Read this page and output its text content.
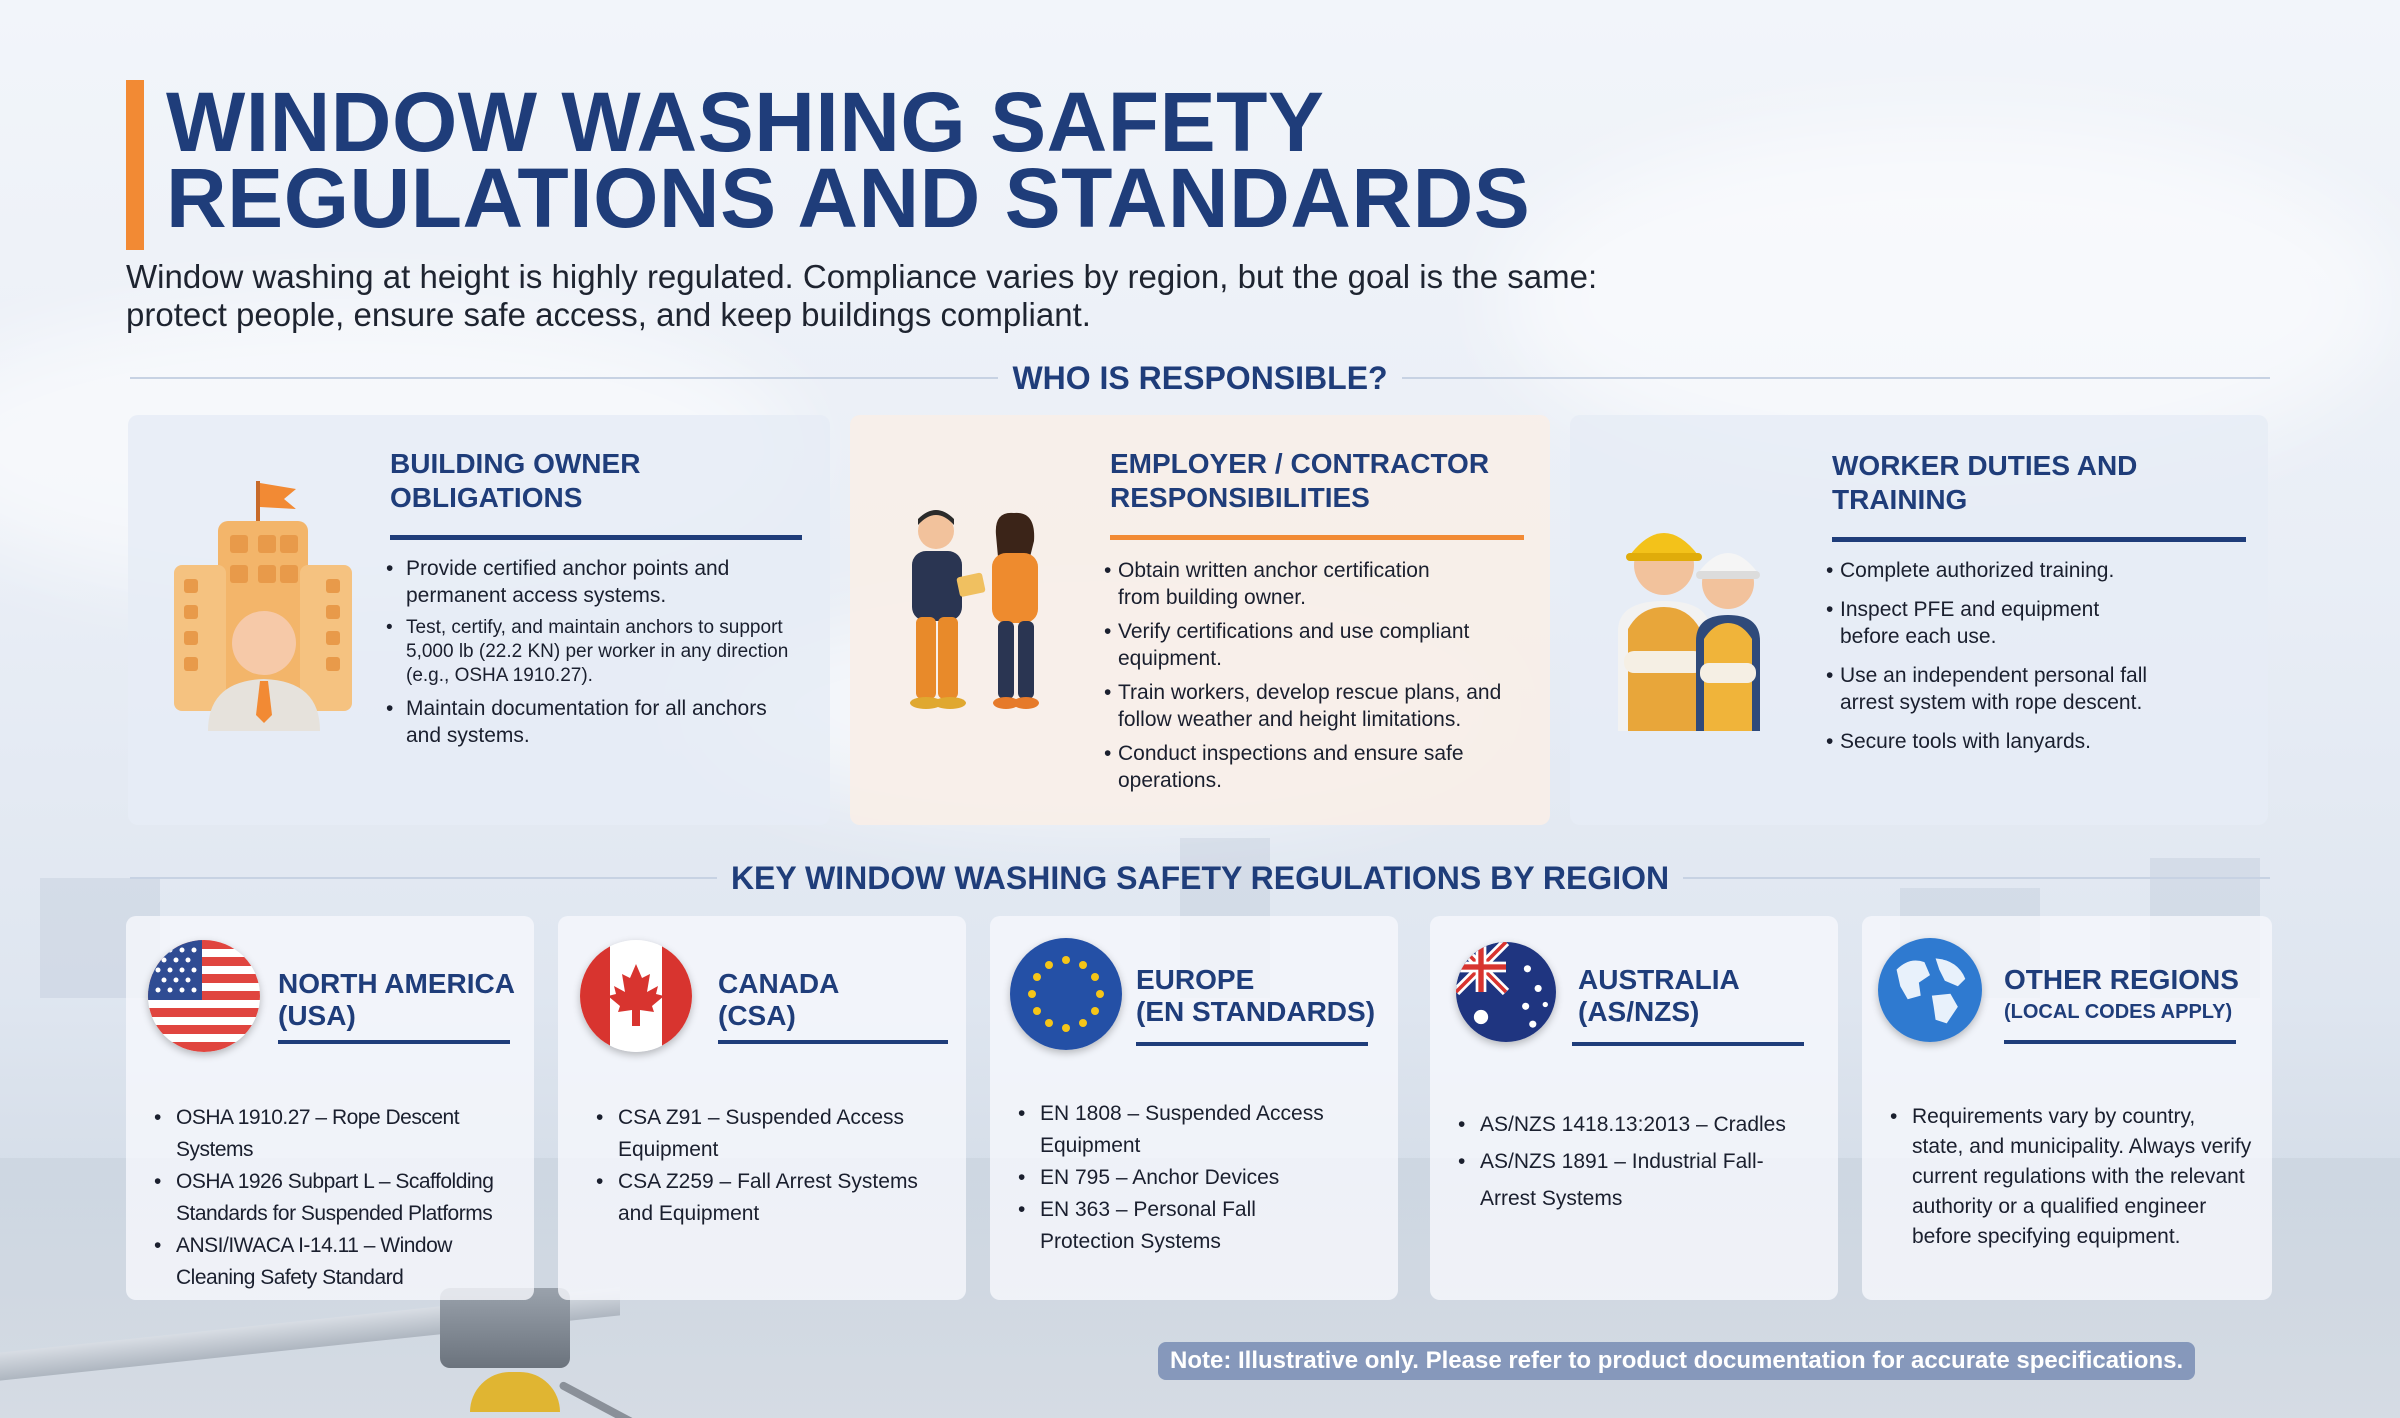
WINDOW WASHING SAFETY
REGULATIONS AND STANDARDS
Window washing at height is highly regulated. Compliance varies by region, but the goal is the same:
protect people, ensure safe access, and keep buildings compliant.
WHO IS RESPONSIBLE?
BUILDING OWNER
OBLIGATIONS
• Provide certified anchor points and permanent access systems.
• Test, certify, and maintain anchors to support 5,000 lb (22.2 KN) per worker in any direction (e.g., OSHA 1910.27).
• Maintain documentation for all anchors and systems.
EMPLOYER / CONTRACTOR
RESPONSIBILITIES
• Obtain written anchor certification from building owner.
• Verify certifications and use compliant equipment.
• Train workers, develop rescue plans, and follow weather and height limitations.
• Conduct inspections and ensure safe operations.
WORKER DUTIES AND
TRAINING
• Complete authorized training.
• Inspect PFE and equipment before each use.
• Use an independent personal fall arrest system with rope descent.
• Secure tools with lanyards.
KEY WINDOW WASHING SAFETY REGULATIONS BY REGION
NORTH AMERICA
(USA)
• OSHA 1910.27 – Rope Descent Systems
• OSHA 1926 Subpart L – Scaffolding Standards for Suspended Platforms
• ANSI/IWACA I-14.11 – Window Cleaning Safety Standard
CANADA
(CSA)
• CSA Z91 – Suspended Access Equipment
• CSA Z259 – Fall Arrest Systems and Equipment
EUROPE
(EN STANDARDS)
• EN 1808 – Suspended Access Equipment
• EN 795 – Anchor Devices
• EN 363 – Personal Fall Protection Systems
AUSTRALIA
(AS/NZS)
• AS/NZS 1418.13:2013 – Cradles
• AS/NZS 1891 – Industrial Fall-Arrest Systems
OTHER REGIONS
(LOCAL CODES APPLY)
• Requirements vary by country, state, and municipality. Always verify current regulations with the relevant authority or a qualified engineer before specifying equipment.
Note: Illustrative only. Please refer to product documentation for accurate specifications.
